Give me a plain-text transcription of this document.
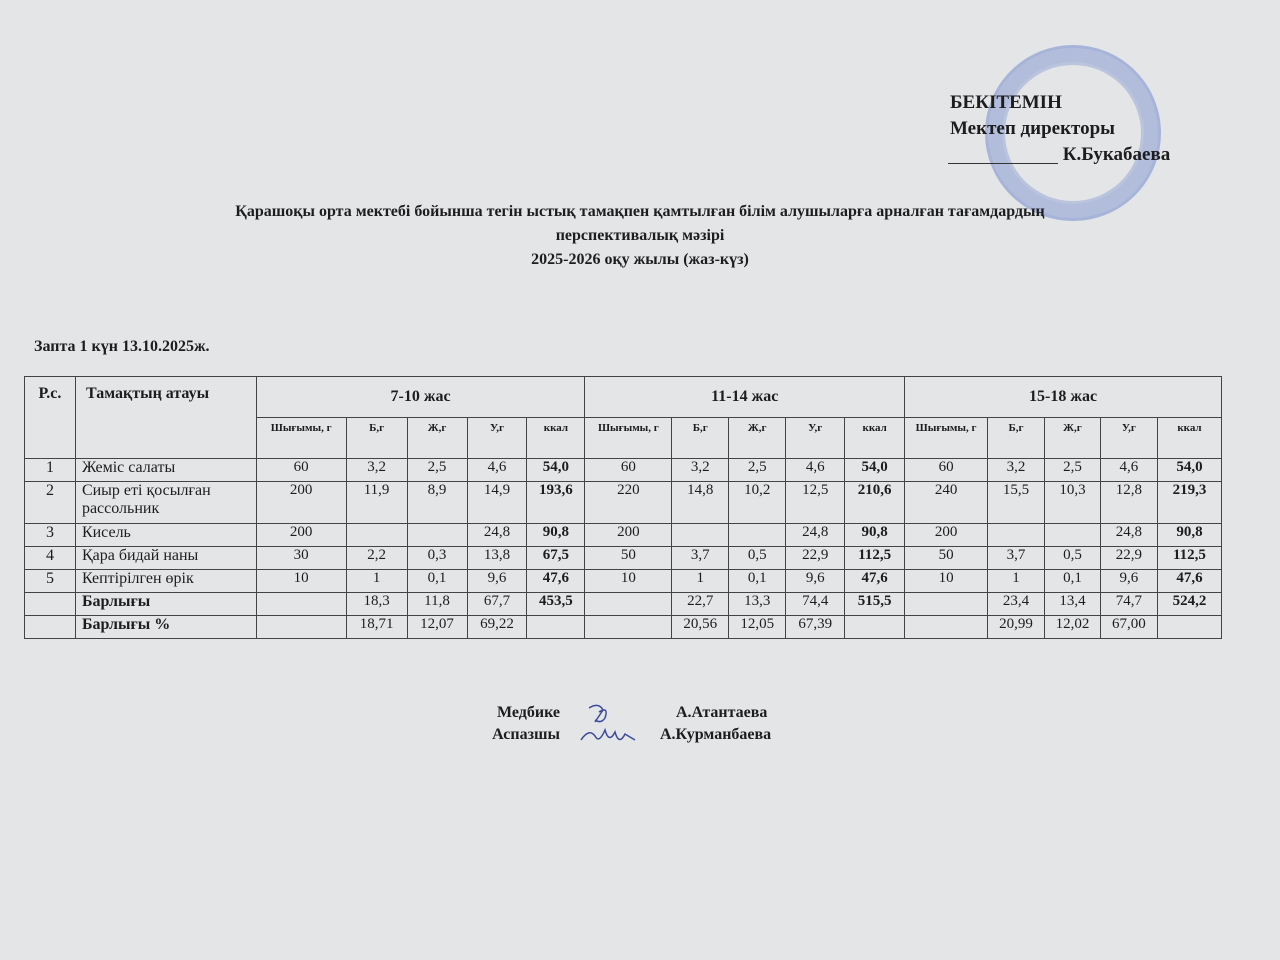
БЕКІТЕМІН
Мектеп директоры
К.Букабаева
Қарашоқы орта мектебі бойынша тегін ыстық тамақпен қамтылған білім алушыларға арналған тағамдардың
перспективалық мәзірі
2025-2026 оқу жылы (жаз-күз)
Запта 1 күн 13.10.2025ж.
Р.с.	Тамақтың атауы	7-10 жас					11-14 жас					15-18 жас				
		Шығымы, г	Б,г	Ж,г	У,г	ккал	Шығымы, г	Б,г	Ж,г	У,г	ккал	Шығымы, г	Б,г	Ж,г	У,г	ккал
1	Жеміс салаты	60	3,2	2,5	4,6	54,0	60	3,2	2,5	4,6	54,0	60	3,2	2,5	4,6	54,0
2	Сиыр еті қосылған рассольник	200	11,9	8,9	14,9	193,6	220	14,8	10,2	12,5	210,6	240	15,5	10,3	12,8	219,3
3	Кисель	200			24,8	90,8	200			24,8	90,8	200			24,8	90,8
4	Қара бидай наны	30	2,2	0,3	13,8	67,5	50	3,7	0,5	22,9	112,5	50	3,7	0,5	22,9	112,5
5	Кептірілген өрік	10	1	0,1	9,6	47,6	10	1	0,1	9,6	47,6	10	1	0,1	9,6	47,6
	Барлығы		18,3	11,8	67,7	453,5		22,7	13,3	74,4	515,5		23,4	13,4	74,7	524,2
	Барлығы %		18,71	12,07	69,22			20,56	12,05	67,39			20,99	12,02	67,00	
Медбике
Аспазшы
А.Атантаева
А.Курманбаева
